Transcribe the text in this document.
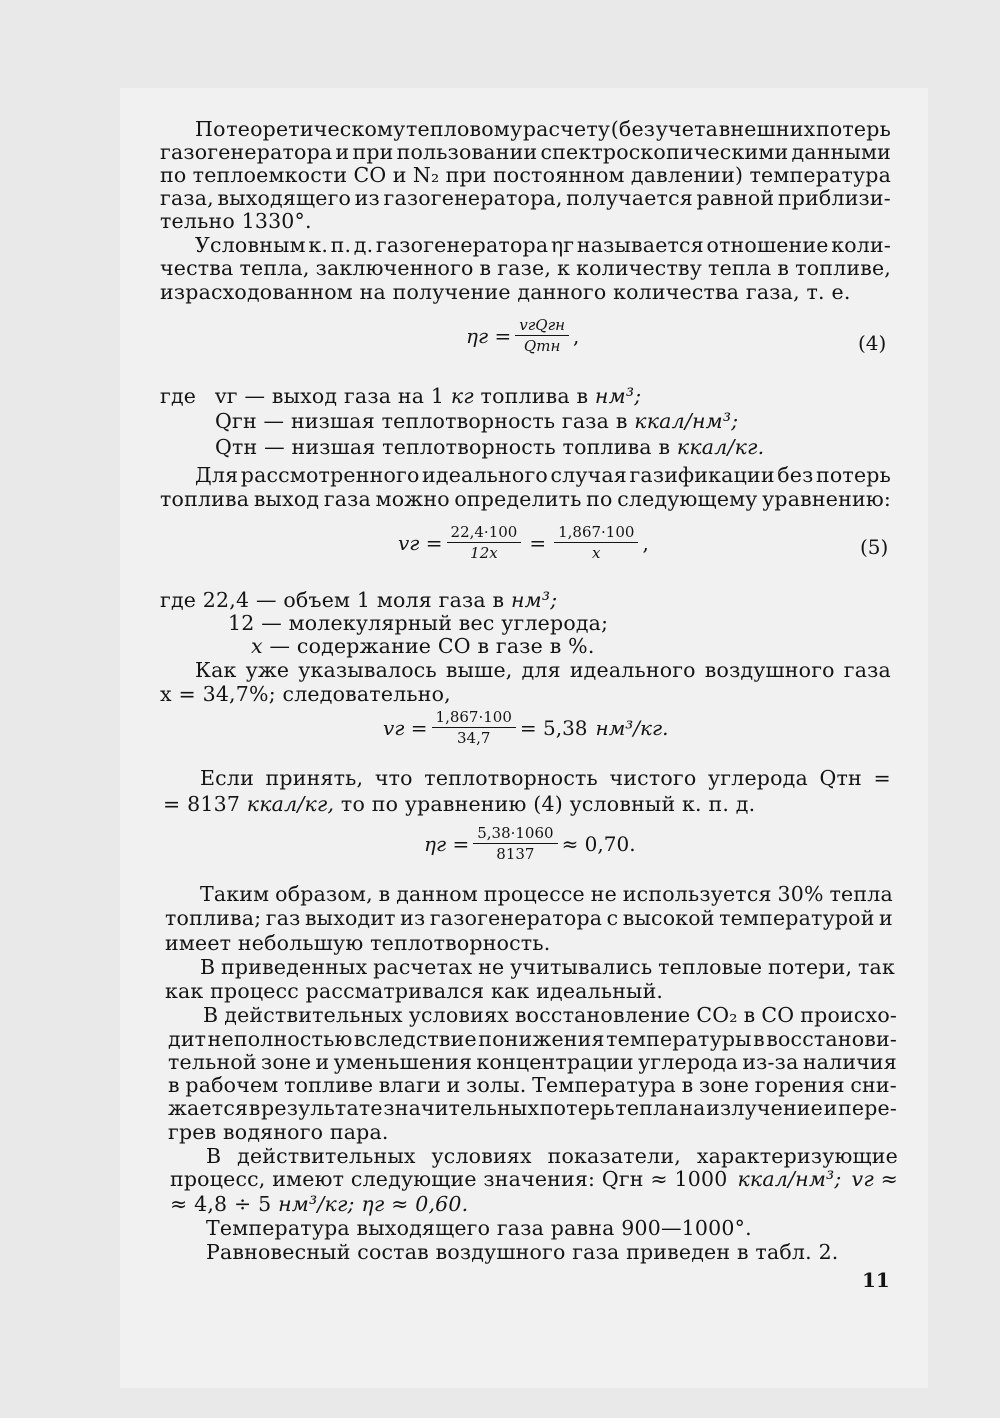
По теоретическому тепловому расчету (без учета внешних потерь
газогенератора и при пользовании спектроскопическими данными
по теплоемкости СО и N₂ при постоянном давлении) температура
газа, выходящего из газогенератора, получается равной приблизи-
тельно 1330°.
Условным к. п. д. газогенератора ηг называется отношение коли-
чества тепла, заключенного в газе, к количеству тепла в топливе,
израсходованном на получение данного количества газа, т. е.
$\eta г = \frac{\text{vгQгн}}{\text{Qтн}}$ ,	(4)
где vг — выход газа на 1 кг топлива в нм³;
Qгн — низшая теплотворность газа в ккал/нм³;
Qтн — низшая теплотворность топлива в ккал/кг.
Для рассмотренного идеального случая газификации без потерь
топлива выход газа можно определить по следующему уравнению:
vг = $\frac{22,4\cdot 100}{12x} = \frac{1,867\cdot 100}{x}$ ,	(5)
где 22,4 — объем 1 моля газа в нм³;
12 — молекулярный вес углерода;
x — содержание СО в газе в %.
Как уже указывалось выше, для идеального воздушного газа
x = 34,7%; следовательно,
vг = $\frac{1,867\cdot 100}{34,7} = 5,38$ нм³/кг.
Если принять, что теплотворность чистого углерода Qтн =
= 8137 ккал/кг, то по уравнению (4) условный к. п. д.
$\eta г = \frac{5,38\cdot 1060}{8137} \approx 0,70$.
Таким образом, в данном процессе не используется 30% тепла
топлива; газ выходит из газогенератора с высокой температурой и
имеет небольшую теплотворность.
В приведенных расчетах не учитывались тепловые потери, так
как процесс рассматривался как идеальный.
В действительных условиях восстановление СО₂ в СО происхо-
дит неполностью вследствие понижения температуры в восстанови-
тельной зоне и уменьшения концентрации углерода из-за наличия
в рабочем топливе влаги и золы. Температура в зоне горения сни-
жается в результате значительных потерь тепла на излучение и пере-
грев водяного пара.
В действительных условиях показатели, характеризующие
процесс, имеют следующие значения: Qгн ≈ 1000 ккал/нм³; vг ≈
≈ 4,8 ÷ 5 нм³/кг; ηг ≈ 0,60.
Температура выходящего газа равна 900—1000°.
Равновесный состав воздушного газа приведен в табл. 2.
11
